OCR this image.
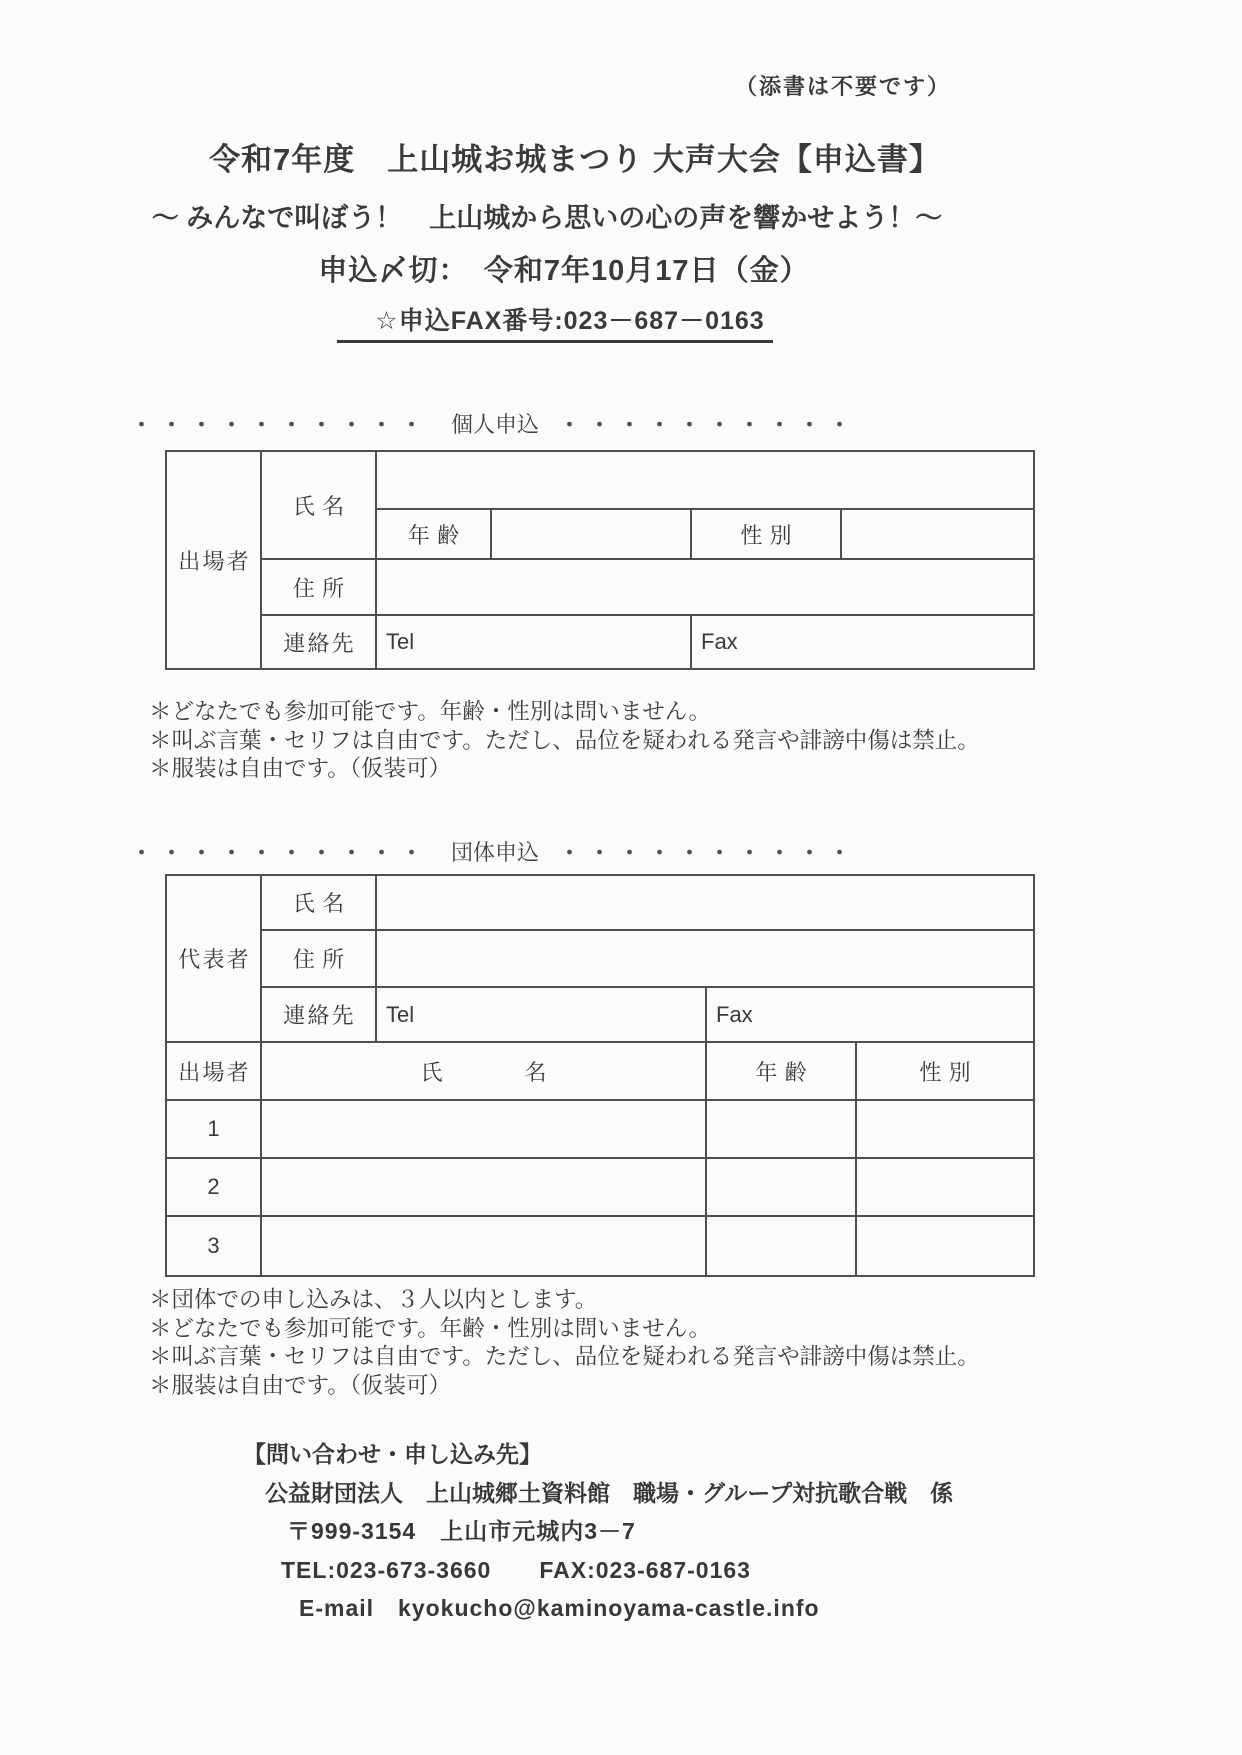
（添書は不要です）
令和7年度　上山城お城まつり 大声大会【申込書】
～ みんなで叫ぼう！　上山城から思いの心の声を響かせよう！～
申込〆切：　令和7年10月17日（金）
☆申込FAX番号:023－687－0163
・・・・・・・・・・ 個人申込 ・・・・・・・・・・
出場者	氏名				
		年齢		性別	
	住所				
	連絡先	Tel		Fax	
＊どなたでも参加可能です。年齢・性別は問いません。
＊叫ぶ言葉・セリフは自由です。ただし、品位を疑われる発言や誹謗中傷は禁止。
＊服装は自由です。（仮装可）
・・・・・・・・・・ 団体申込 ・・・・・・・・・・
代表者	氏名			
	住所			
	連絡先	Tel	Fax	
出場者	氏名		年齢	性別
1				
2				
3				
＊団体での申し込みは、３人以内とします。
＊どなたでも参加可能です。年齢・性別は問いません。
＊叫ぶ言葉・セリフは自由です。ただし、品位を疑われる発言や誹謗中傷は禁止。
＊服装は自由です。（仮装可）
【問い合わせ・申し込み先】
公益財団法人　上山城郷土資料館　職場・グループ対抗歌合戦　係
〒999-3154　上山市元城内3－7
TEL:023-673-3660　　FAX:023-687-0163
E-mail　kyokucho@kaminoyama-castle.info
